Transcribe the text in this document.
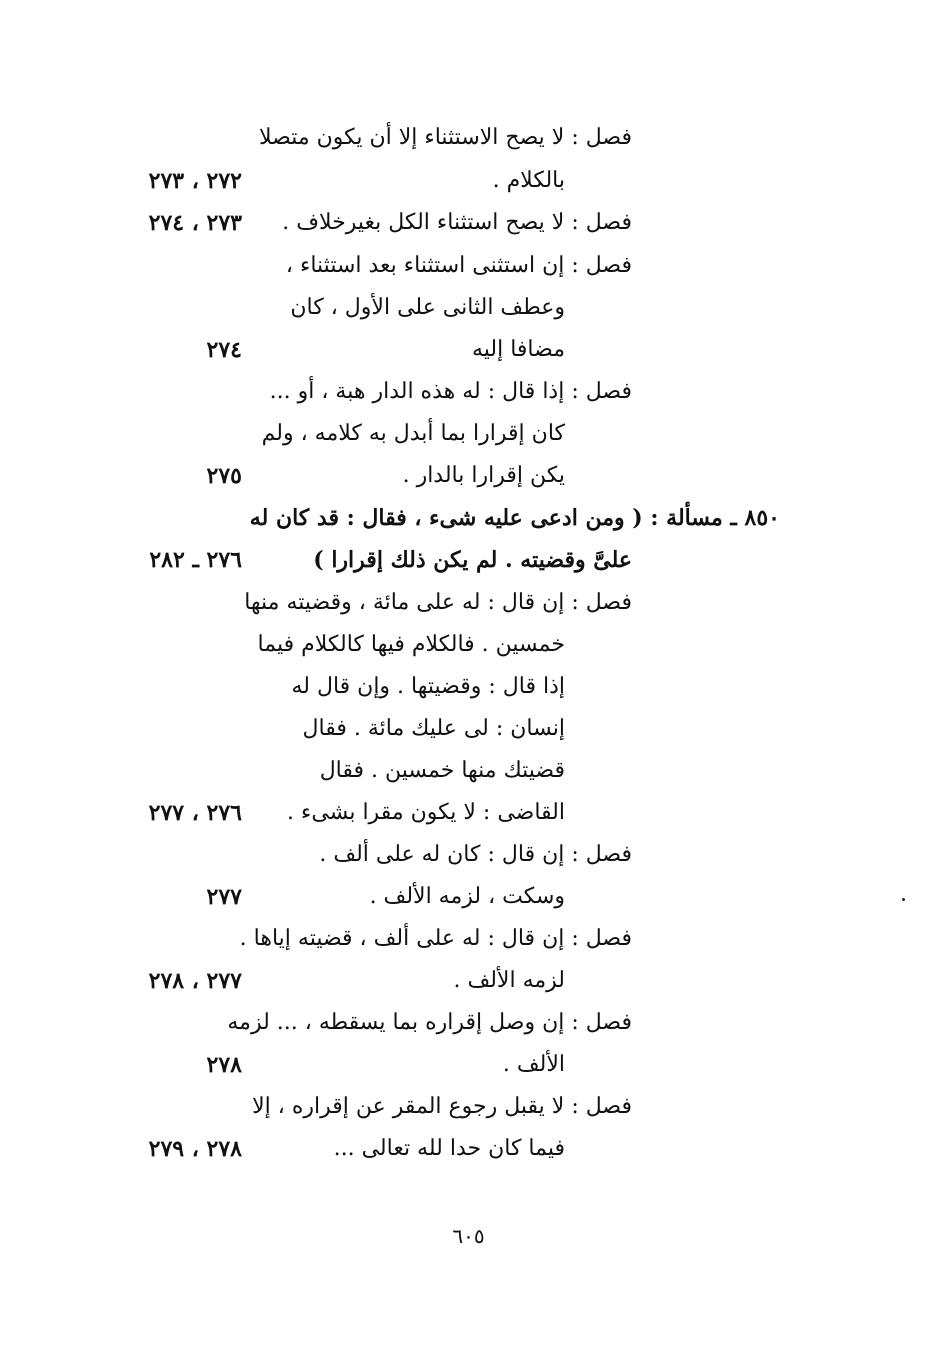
فصل : لا يصح الاستثناء إلا أن يكون متصلا
بالكلام .
فصل : لا يصح استثناء الكل بغيرخلاف .
فصل : إن استثنى استثناء بعد استثناء ،
وعطف الثانى على الأول ، كان
مضافا إليه
فصل : إذا قال : له هذه الدار هبة ، أو ...
كان إقرارا بما أبدل به كلامه ، ولم
يكن إقرارا بالدار .
٨٥٠ ـ مسألة : ( ومن ادعى عليه شىء ، فقال : قد كان له
علىَّ وقضيته . لم يكن ذلك إقرارا )
فصل : إن قال : له على مائة ، وقضيته منها
خمسين . فالكلام فيها كالكلام فيما
إذا قال : وقضيتها . وإن قال له
إنسان : لى عليك مائة . فقال
قضيتك منها خمسين . فقال
القاضى : لا يكون مقرا بشىء .
فصل : إن قال : كان له على ألف .
وسكت ، لزمه الألف .
فصل : إن قال : له على ألف ، قضيته إياها .
لزمه الألف .
فصل : إن وصل إقراره بما يسقطه ، ... لزمه
الألف .
فصل : لا يقبل رجوع المقر عن إقراره ، إلا
فيما كان حدا لله تعالى ...
٢٧٢ ، ٢٧٣
٢٧٣ ، ٢٧٤
٢٧٤
٢٧٥
٢٧٦ ـ ٢٨٢
٢٧٦ ، ٢٧٧
٢٧٧
٢٧٧ ، ٢٧٨
٢٧٨
٢٧٨ ، ٢٧٩
٦٠٥
